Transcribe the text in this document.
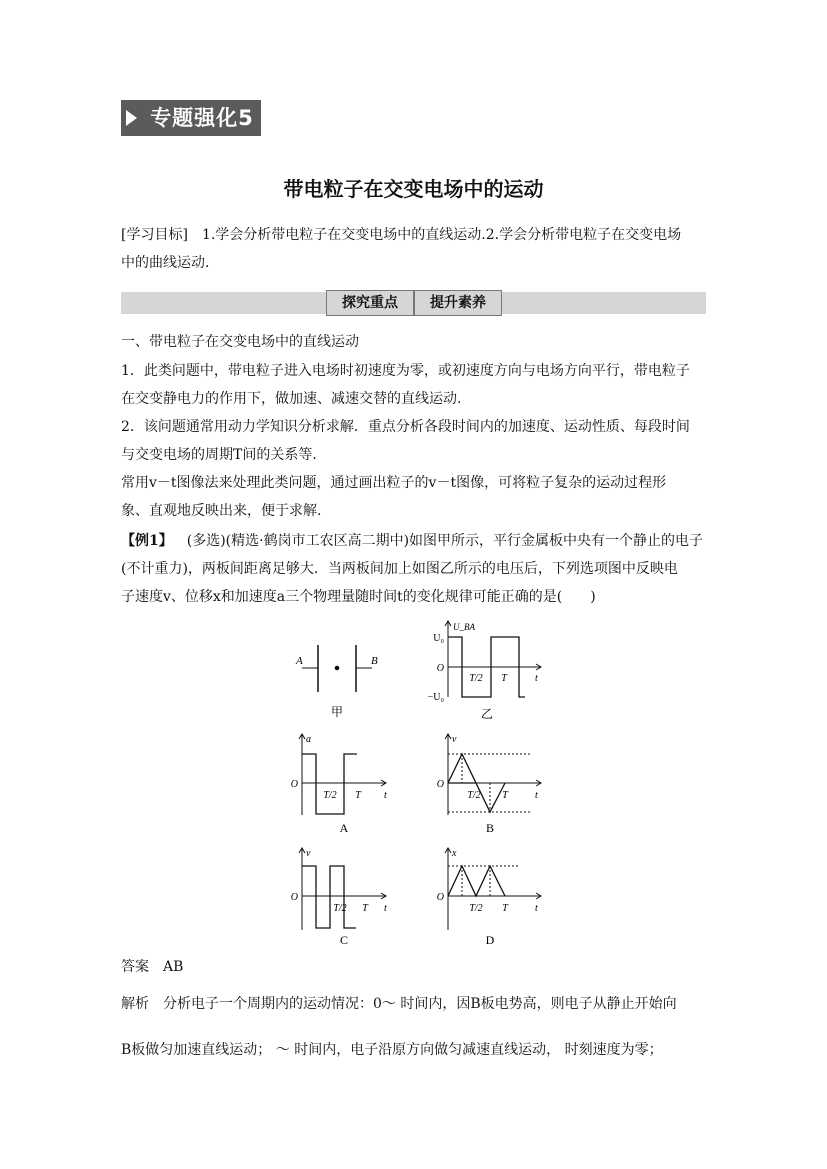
专题强化5
带电粒子在交变电场中的运动
[学习目标]  1.学会分析带电粒子在交变电场中的直线运动.2.学会分析带电粒子在交变电场
中的曲线运动.
探究重点	提升素养
一、带电粒子在交变电场中的直线运动
1．此类问题中，带电粒子进入电场时初速度为零，或初速度方向与电场方向平行，带电粒子
在交变静电力的作用下，做加速、减速交替的直线运动.
2．该问题通常用动力学知识分析求解．重点分析各段时间内的加速度、运动性质、每段时间
与交变电场的周期T间的关系等.
常用v－t图像法来处理此类问题，通过画出粒子的v－t图像，可将粒子复杂的运动过程形
象、直观地反映出来，便于求解.
【例1】  (多选)(精选·鹤岗市工农区高二期中)如图甲所示，平行金属板中央有一个静止的电子
(不计重力)，两板间距离足够大．当两板间加上如图乙所示的电压后，下列选项图中反映电
子速度v、位移x和加速度a三个物理量随时间t的变化规律可能正确的是(　　)
A	B
甲
U_BA
U₀
−U₀
O
T/2 T	t
乙
a
O
T/2 T t
A
v
O
T/2 T	t
B
v
O
T/2 T t
C
x
O
T/2 T	t
D
答案  AB
解析  分析电子一个周期内的运动情况：0～ 时间内，因B板电势高，则电子从静止开始向
B板做匀加速直线运动； ～ 时间内，电子沿原方向做匀减速直线运动， 时刻速度为零；
